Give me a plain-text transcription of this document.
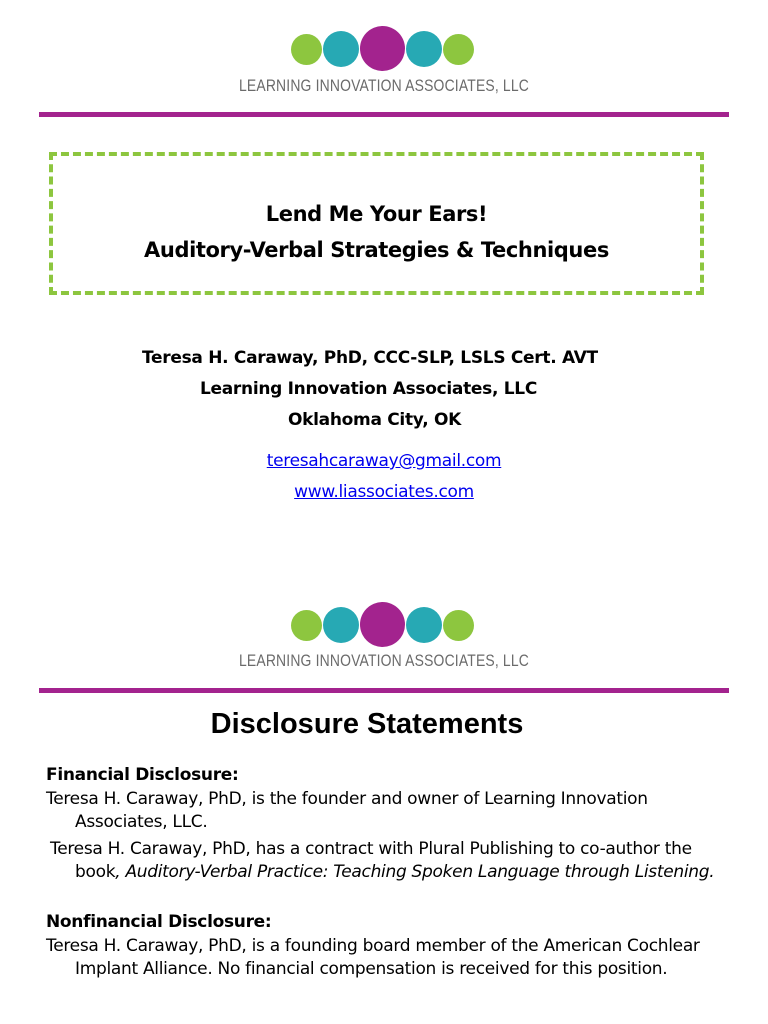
LEARNING INNOVATION ASSOCIATES, LLC
Lend Me Your Ears!
Auditory-Verbal Strategies & Techniques
Teresa H. Caraway, PhD, CCC-SLP, LSLS Cert. AVT
Learning Innovation Associates, LLC
Oklahoma City, OK
teresahcaraway@gmail.com
www.liassociates.com
LEARNING INNOVATION ASSOCIATES, LLC
Disclosure Statements

Financial Disclosure:

Teresa H. Caraway, PhD, is the founder and owner of Learning Innovation Associates, LLC.

Teresa H. Caraway, PhD, has a contract with Plural Publishing to co-author the book, Auditory-Verbal Practice: Teaching Spoken Language through Listening.

Nonfinancial Disclosure:

Teresa H. Caraway, PhD, is a founding board member of the American Cochlear Implant Alliance. No financial compensation is received for this position.
